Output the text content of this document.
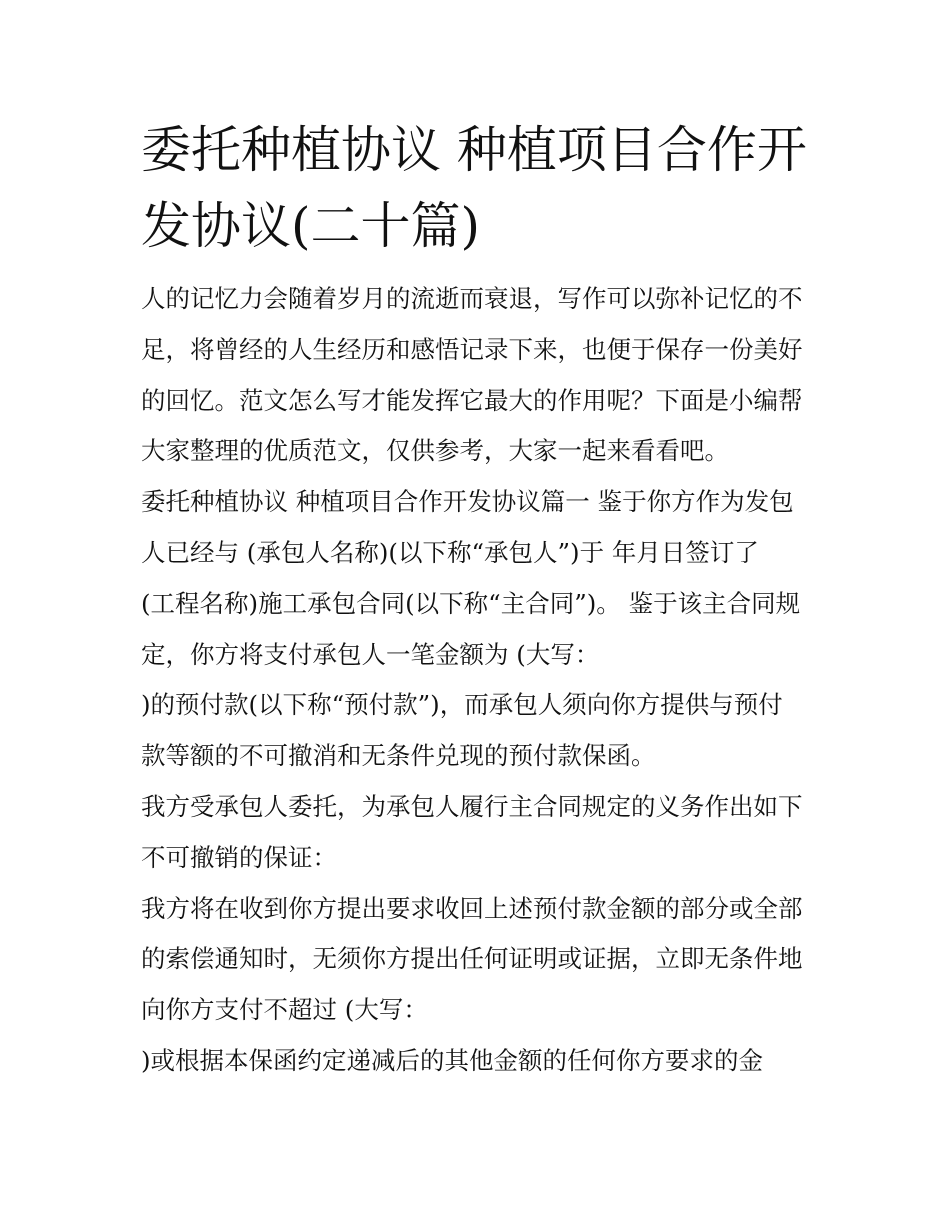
委托种植协议 种植项目合作开
发协议(二十篇)

人的记忆力会随着岁月的流逝而衰退，写作可以弥补记忆的不
足，将曾经的人生经历和感悟记录下来，也便于保存一份美好
的回忆。范文怎么写才能发挥它最大的作用呢？下面是小编帮
大家整理的优质范文，仅供参考，大家一起来看看吧。

委托种植协议 种植项目合作开发协议篇一 鉴于你方作为发包
人已经与 (承包人名称)(以下称“承包人”)于 年月日签订了
(工程名称)施工承包合同(以下称“主合同”)。 鉴于该主合同规
定，你方将支付承包人一笔金额为 (大写：
)的预付款(以下称“预付款”)，而承包人须向你方提供与预付
款等额的不可撤消和无条件兑现的预付款保函。

我方受承包人委托，为承包人履行主合同规定的义务作出如下
不可撤销的保证：

我方将在收到你方提出要求收回上述预付款金额的部分或全部
的索偿通知时，无须你方提出任何证明或证据，立即无条件地
向你方支付不超过 (大写：
)或根据本保函约定递减后的其他金额的任何你方要求的金
